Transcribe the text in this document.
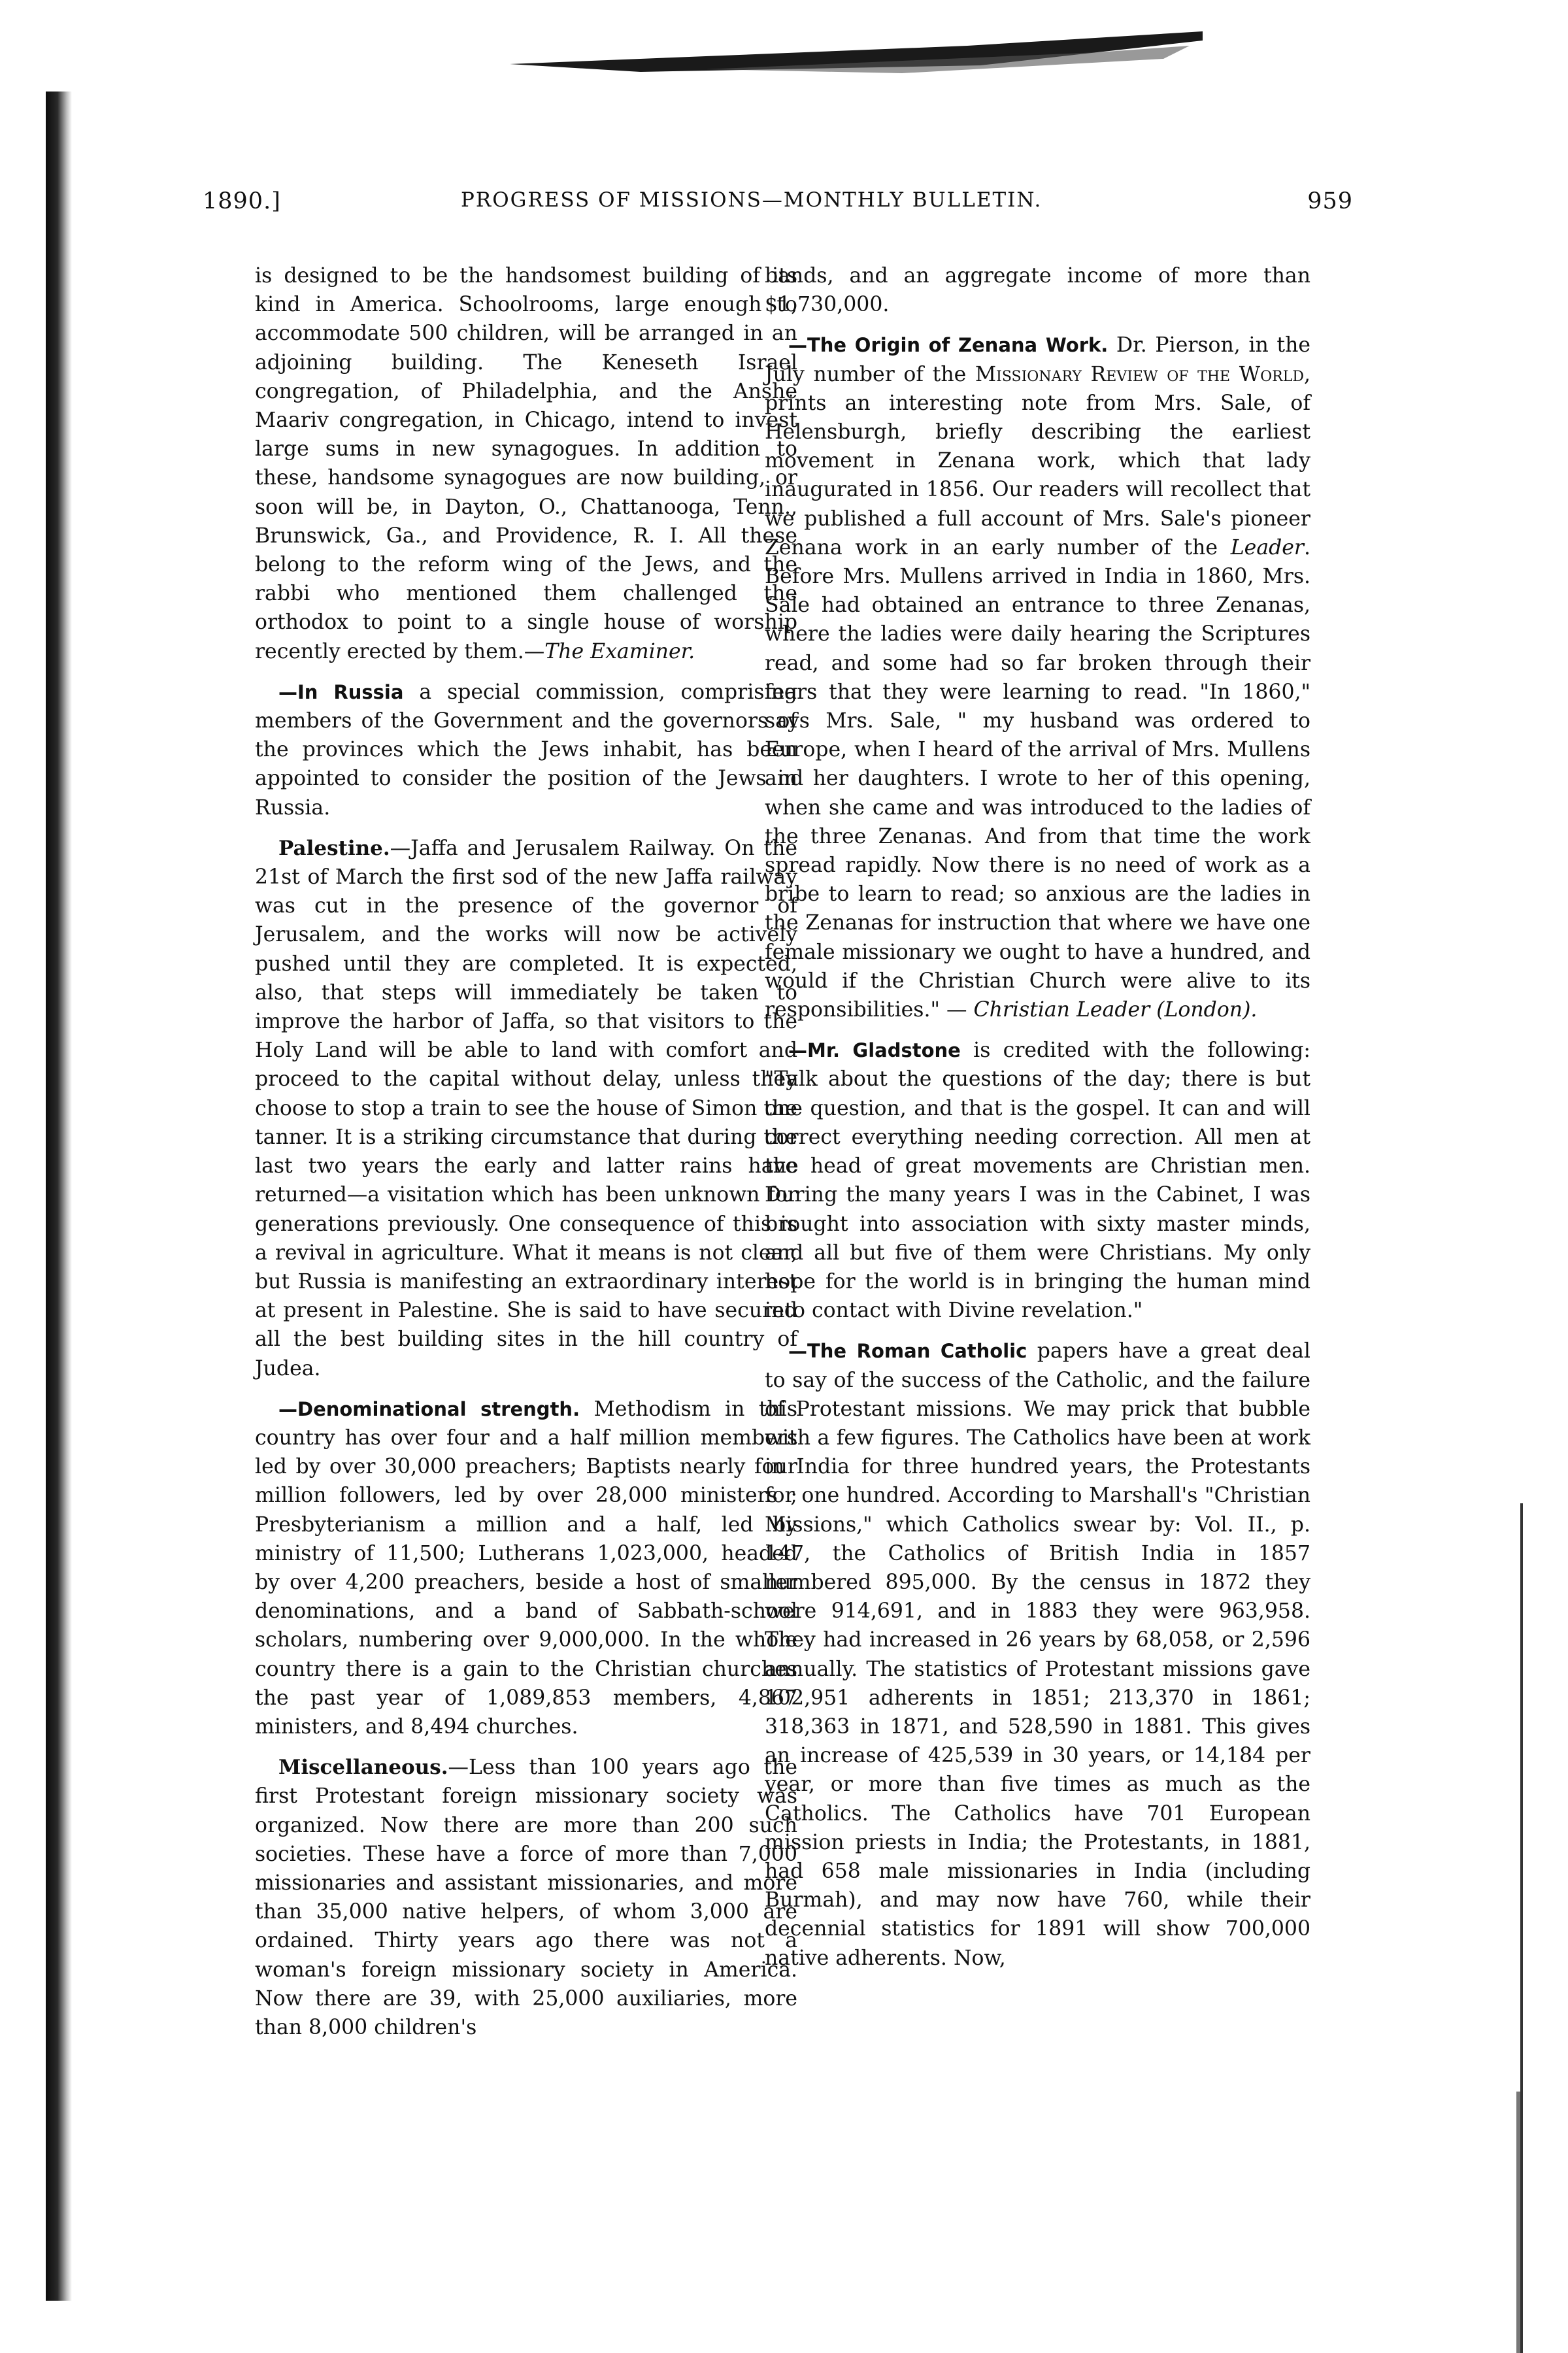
1890.]	PROGRESS OF MISSIONS—MONTHLY BULLETIN.	959

is designed to be the handsomest building of its kind in America. Schoolrooms, large enough to accommodate 500 children, will be arranged in an adjoining building. The Keneseth Israel congregation, of Philadelphia, and the Anshe Maariv congregation, in Chicago, intend to invest large sums in new synagogues. In addition to these, handsome synagogues are now building, or soon will be, in Dayton, O., Chattanooga, Tenn., Brunswick, Ga., and Providence, R. I. All these belong to the reform wing of the Jews, and the rabbi who mentioned them challenged the orthodox to point to a single house of worship recently erected by them.—The Examiner.

—In Russia a special commission, comprising members of the Government and the governors of the provinces which the Jews inhabit, has been appointed to consider the position of the Jews in Russia.

Palestine.—Jaffa and Jerusalem Railway. On the 21st of March the first sod of the new Jaffa railway was cut in the presence of the governor of Jerusalem, and the works will now be actively pushed until they are completed. It is expected, also, that steps will immediately be taken to improve the harbor of Jaffa, so that visitors to the Holy Land will be able to land with comfort and proceed to the capital without delay, unless they choose to stop a train to see the house of Simon the tanner. It is a striking circumstance that during the last two years the early and latter rains have returned—a visitation which has been unknown for generations previously. One consequence of this is a revival in agriculture. What it means is not clear, but Russia is manifesting an extraordinary interest at present in Palestine. She is said to have secured all the best building sites in the hill country of Judea.

—Denominational strength. Methodism in this country has over four and a half million members led by over 30,000 preachers; Baptists nearly four million followers, led by over 28,000 ministers ; Presbyterianism a million and a half, led by ministry of 11,500; Lutherans 1,023,000, headed by over 4,200 preachers, beside a host of smaller denominations, and a band of Sabbath-school scholars, numbering over 9,000,000. In the whole country there is a gain to the Christian churches the past year of 1,089,853 members, 4,867 ministers, and 8,494 churches.

Miscellaneous.—Less than 100 years ago the first Protestant foreign missionary society was organized. Now there are more than 200 such societies. These have a force of more than 7,000 missionaries and assistant missionaries, and more than 35,000 native helpers, of whom 3,000 are ordained. Thirty years ago there was not a woman's foreign missionary society in America. Now there are 39, with 25,000 auxiliaries, more than 8,000 children's

bands, and an aggregate income of more than $1,730,000.

—The Origin of Zenana Work. Dr. Pierson, in the July number of the Missionary Review of the World, prints an interesting note from Mrs. Sale, of Helensburgh, briefly describing the earliest movement in Zenana work, which that lady inaugurated in 1856. Our readers will recollect that we published a full account of Mrs. Sale's pioneer Zenana work in an early number of the Leader. Before Mrs. Mullens arrived in India in 1860, Mrs. Sale had obtained an entrance to three Zenanas, where the ladies were daily hearing the Scriptures read, and some had so far broken through their fears that they were learning to read. "In 1860," says Mrs. Sale, " my husband was ordered to Europe, when I heard of the arrival of Mrs. Mullens and her daughters. I wrote to her of this opening, when she came and was introduced to the ladies of the three Zenanas. And from that time the work spread rapidly. Now there is no need of work as a bribe to learn to read; so anxious are the ladies in the Zenanas for instruction that where we have one female missionary we ought to have a hundred, and would if the Christian Church were alive to its responsibilities." — Christian Leader (London).

—Mr. Gladstone is credited with the following: "Talk about the questions of the day; there is but one question, and that is the gospel. It can and will correct everything needing correction. All men at the head of great movements are Christian men. During the many years I was in the Cabinet, I was brought into association with sixty master minds, and all but five of them were Christians. My only hope for the world is in bringing the human mind into contact with Divine revelation."

—The Roman Catholic papers have a great deal to say of the success of the Catholic, and the failure of Protestant missions. We may prick that bubble with a few figures. The Catholics have been at work in India for three hundred years, the Protestants for one hundred. According to Marshall's "Christian Missions," which Catholics swear by: Vol. II., p. 147, the Catholics of British India in 1857 numbered 895,000. By the census in 1872 they were 914,691, and in 1883 they were 963,958. They had increased in 26 years by 68,058, or 2,596 annually. The statistics of Protestant missions gave 102,951 adherents in 1851; 213,370 in 1861; 318,363 in 1871, and 528,590 in 1881. This gives an increase of 425,539 in 30 years, or 14,184 per year, or more than five times as much as the Catholics. The Catholics have 701 European mission priests in India; the Protestants, in 1881, had 658 male missionaries in India (including Burmah), and may now have 760, while their decennial statistics for 1891 will show 700,000 native adherents. Now,
